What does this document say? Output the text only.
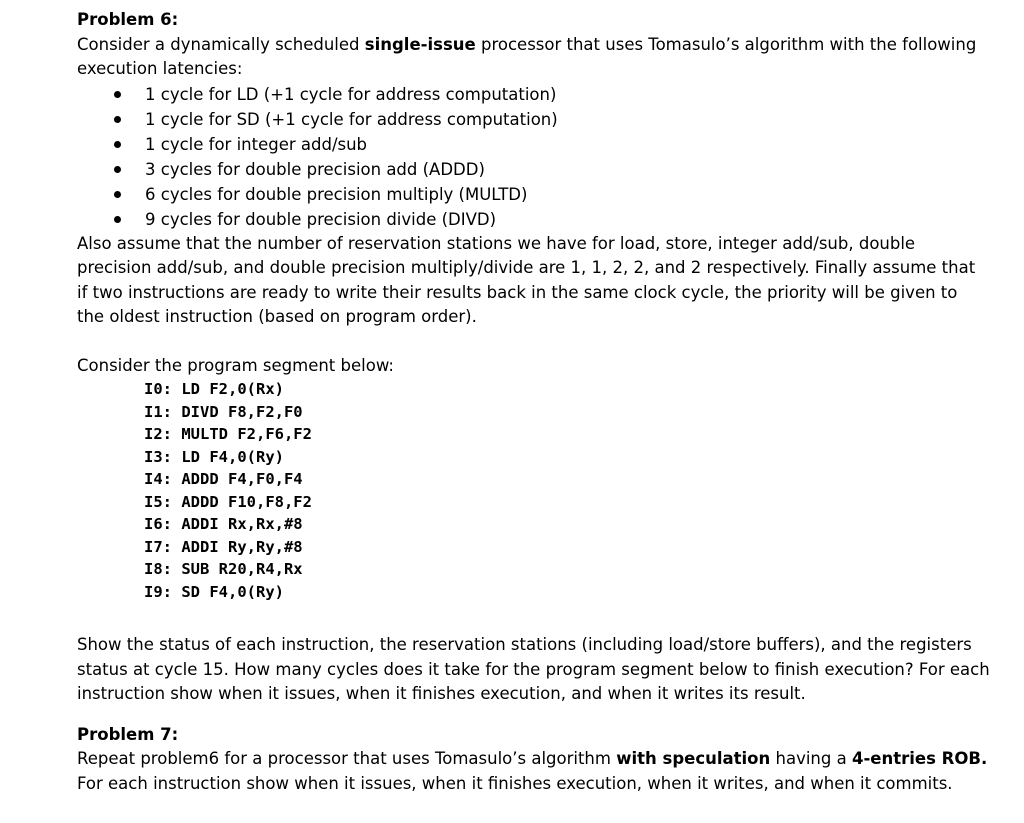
Problem 6:

Consider a dynamically scheduled single-issue processor that uses Tomasulo’s algorithm with the following

execution latencies:

1 cycle for LD (+1 cycle for address computation)
1 cycle for SD (+1 cycle for address computation)
1 cycle for integer add/sub
3 cycles for double precision add (ADDD)
6 cycles for double precision multiply (MULTD)
9 cycles for double precision divide (DIVD)

Also assume that the number of reservation stations we have for load, store, integer add/sub, double

precision add/sub, and double precision multiply/divide are 1, 1, 2, 2, and 2 respectively. Finally assume that

if two instructions are ready to write their results back in the same clock cycle, the priority will be given to

the oldest instruction (based on program order).

Consider the program segment below:

I0: LD F2,0(Rx)
I1: DIVD F8,F2,F0
I2: MULTD F2,F6,F2
I3: LD F4,0(Ry)
I4: ADDD F4,F0,F4
I5: ADDD F10,F8,F2
I6: ADDI Rx,Rx,#8
I7: ADDI Ry,Ry,#8
I8: SUB R20,R4,Rx
I9: SD F4,0(Ry)

Show the status of each instruction, the reservation stations (including load/store buffers), and the registers

status at cycle 15. How many cycles does it take for the program segment below to finish execution? For each

instruction show when it issues, when it finishes execution, and when it writes its result.

Problem 7:

Repeat problem6 for a processor that uses Tomasulo’s algorithm with speculation having a 4-entries ROB.

For each instruction show when it issues, when it finishes execution, when it writes, and when it commits.
